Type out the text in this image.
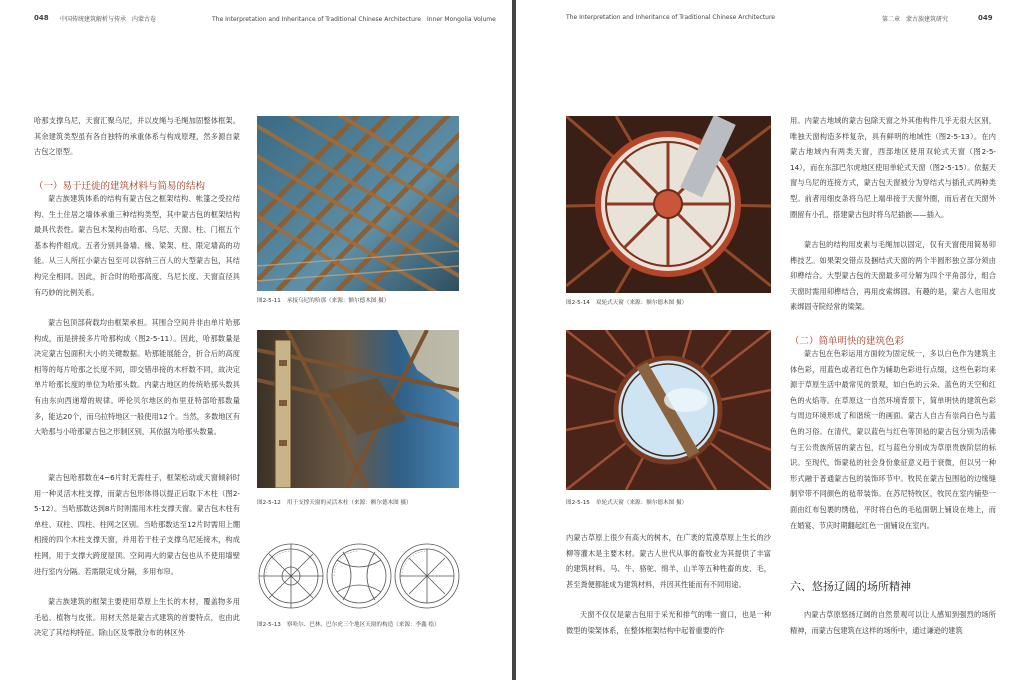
048 中国传统建筑解析与传承　内蒙古卷	The Interpretation and Inheritance of Traditional Chinese Architecture　Inner Mongolia Volume

哈那支撑乌尼，天窗汇聚乌尼，并以皮绳与毛绳加固整体框架。其余建筑类型虽有各自独特的承重体系与构成原理，然多源自蒙古包之原型。

（一）易于迁徙的建筑材料与简易的结构

蒙古族建筑体系的结构有蒙古包之框架结构、帐篷之受拉结构、生土住居之墙体承重三种结构类型，其中蒙古包的框架结构最具代表性。蒙古包木架构由哈那、乌尼、天窗、柱、门框五个基本构件组成。五者分别具备墙、椽、梁架、柱、限定墙高的功能。从三人所扛小蒙古包至可以容纳三百人的大型蒙古包，其结构完全相同。因此，折合时的哈那高度、乌尼长度、天窗直径具有巧妙的比例关系。

蒙古包顶部荷载均由框架承担。其围合空间并非由单片哈那构成，而是拼接多片哈那构成（图2-5-11）。因此，哈那数量是决定蒙古包面积大小的关键数据。哈那能展能合，折合后的高度相等的每片哈那之长度不同，即交错串接的木杆数不同，故决定单片哈那长度的单位为哈那头数。内蒙古地区的传统哈那头数具有由东向西递增的规律。呼伦贝尔地区的布里亚特部哈那数量多，能达20个，而乌拉特地区一般使用12个。当然，多数地区有大哈那与小哈那蒙古包之形制区别，其依据为哈那头数量。

蒙古包哈那数在4~6片时无需柱子，框架松动或天窗倾斜时用一种灵活木柱支撑，而蒙古包形体得以提正后取下木柱（图2-5-12）。当哈那数达到8片时则需用木柱支撑天窗。蒙古包木柱有单柱、双柱、四柱、柱网之区别。当哈那数达至12片时需用上绷相接的四个木柱支撑天窗，并用若干柱子支撑乌尼延接木，构成柱网，用于支撑大跨度屋顶。空间再大的蒙古包也从不使用墙壁进行室内分隔。若需限定成分隔，多用布帘。

蒙古族建筑的框架主要使用草原上生长的木材，覆盖物多用毛毡、植物与皮张。用材天然是蒙古式建筑的首要特点，也由此决定了其结构特征。除山区及零散分布的林区外

图2-5-11 承接乌尼的哈那（来源：额尔德木图 摄）
图2-5-12 用于支撑天窗的灵活木柱（来源：额尔德木图 摄）
图2-5-13 察哈尔、巴林、巴尔虎三个地区天窗的构造（来源：李鑫 绘）
The Interpretation and Inheritance of Traditional Chinese Architecture	第二章　蒙古族建筑研究	049
图2-5-14 双轮式天窗（来源：额尔德木图 摄）
图2-5-15 单轮式天窗（来源：额尔德木图 摄）

内蒙古草原上很少有高大的树木，在广袤的荒漠草原上生长的沙柳等灌木是主要木材。蒙古人世代从事的畜牧业为其提供了丰富的建筑材料。马、牛、骆驼、绵羊、山羊等五种牲畜的皮、毛，甚至粪便都能成为建筑材料，并因其性能而有不同用途。

天窗不仅仅是蒙古包用于采光和排气的唯一窗口，也是一种微型的梁架体系，在整体框架结构中起着重要的作

用。内蒙古地域的蒙古包除天窗之外其他构件几乎无很大区别，唯独天窗构造多样复杂，具有鲜明的地域性（图2-5-13）。在内蒙古地域内有两类天窗，西部地区使用双轮式天窗（图2-5-14），而在东部巴尔虎地区使用单轮式天窗（图2-5-15）。依据天窗与乌尼的连接方式，蒙古包天窗被分为穿结式与插孔式两种类型。前者用细皮条将乌尼上端串接于天窗外圈，而后者在天窗外圈留有小孔，搭建蒙古包时将乌尼插嵌——插入。

蒙古包的结构用皮素与毛绳加以固定，仅有天窗使用简易卯榫技艺。如果架交错点及捆结式天窗的两个半圆形独立部分须由卯榫结合。大型蒙古包的天窗最多可分解为四个平角部分，组合天窗时需用卯榫结合，再用皮索绑固。有趣的是，蒙古人也用皮素绑固寺院经常的梁架。

（二）简单明快的建筑色彩

蒙古包在色彩运用方面较为固定统一，多以白色作为建筑主体色彩，用蓝色或者红色作为辅助色彩进行点缀，这些色彩均来源于草原生活中最常见的景观，如白色的云朵、蓝色的天空和红色的火焰等。在草原这一自然环境背景下，简单明快的建筑色彩与周边环境形成了和谐统一的画面。蒙古人自古有崇尚白色与蓝色的习俗。在清代，蒙以蓝色与红色等顶毡的蒙古包分别为活佛与王公贵族所居的蒙古包，红与蓝色分别成为草原贵族阶层的标识。至现代，饰蒙毡的社会身份象征意义趋于衰微，但以另一种形式融于普通蒙古包的装饰环节中。牧民在蒙古包围毡的边缘缝制窄带不同颜色的毡带装饰。在苏尼特牧区，牧民在室内铺垫一面由红布包裹的绣毡，平时将白色的毛毡面朝上铺设在地上，而在婚宴、节庆时期翻起红色一面铺设在室内。

六、悠扬辽阔的场所精神

内蒙古草原悠扬辽阔的自然景观可以让人感知到强烈的场所精神，而蒙古包建筑在这样的场所中，通过谦逊的建筑
